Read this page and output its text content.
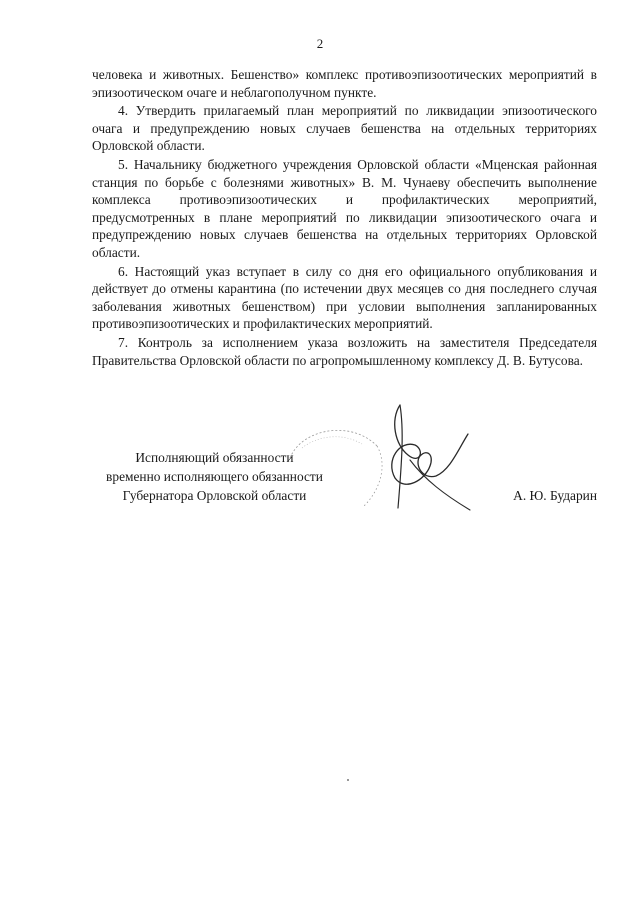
2

человека и животных. Бешенство» комплекс противоэпизоотических мероприятий в эпизоотическом очаге и неблагополучном пункте.

4. Утвердить прилагаемый план мероприятий по ликвидации эпизоотического очага и предупреждению новых случаев бешенства на отдельных территориях Орловской области.

5. Начальнику бюджетного учреждения Орловской области «Мценская районная станция по борьбе с болезнями животных» В. М. Чунаеву обеспечить выполнение комплекса противоэпизоотических и профилактических мероприятий, предусмотренных в плане мероприятий по ликвидации эпизоотического очага и предупреждению новых случаев бешенства на отдельных территориях Орловской области.

6. Настоящий указ вступает в силу со дня его официального опубликования и действует до отмены карантина (по истечении двух месяцев со дня последнего случая заболевания животных бешенством) при условии выполнения запланированных противоэпизоотических и профилактических мероприятий.

7. Контроль за исполнением указа возложить на заместителя Председателя Правительства Орловской области по агропромышленному комплексу Д. В. Бутусова.

Исполняющий обязанности
временно исполняющего обязанности
Губернатора Орловской области	А. Ю. Бударин
